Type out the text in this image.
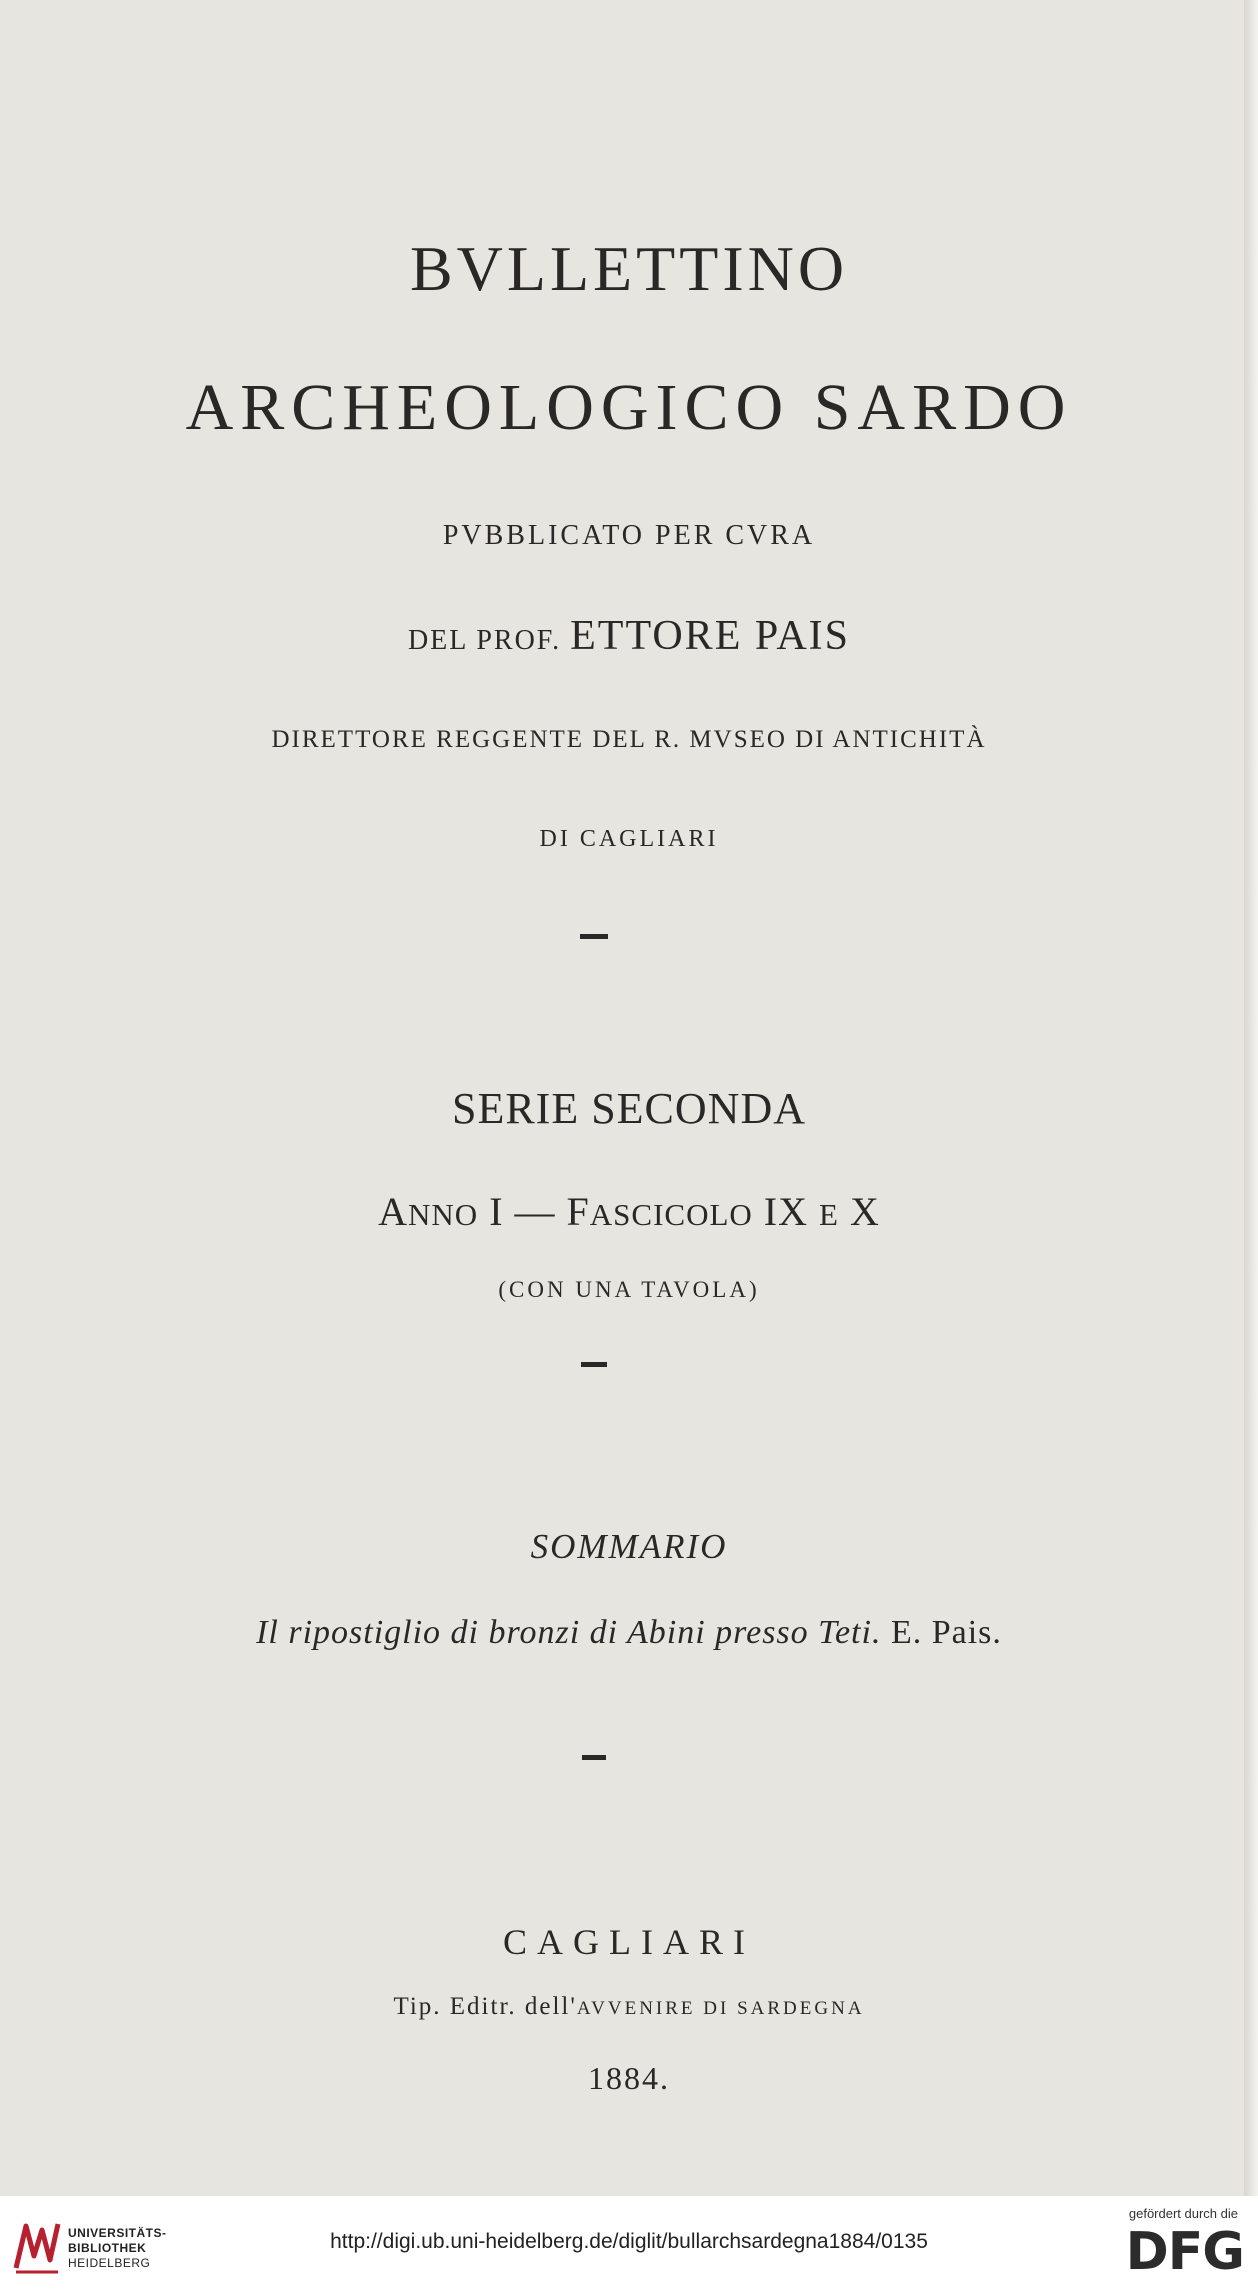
BVLLETTINO
ARCHEOLOGICO SARDO
PVBBLICATO PER CVRA
DEL PROF. ETTORE PAIS
DIRETTORE REGGENTE DEL R. MVSEO DI ANTICHITÀ
DI CAGLIARI
SERIE SECONDA
ANNO I — FASCICOLO IX E X
(CON UNA TAVOLA)
SOMMARIO
Il ripostiglio di bronzi di Abini presso Teti. E. Pais.
CAGLIARI
Tip. Editr. dell'AVVENIRE DI SARDEGNA
1884.
UNIVERSITÄTS-
BIBLIOTHEK
HEIDELBERG
http://digi.ub.uni-heidelberg.de/diglit/bullarchsardegna1884/0135
gefördert durch die
DFG
